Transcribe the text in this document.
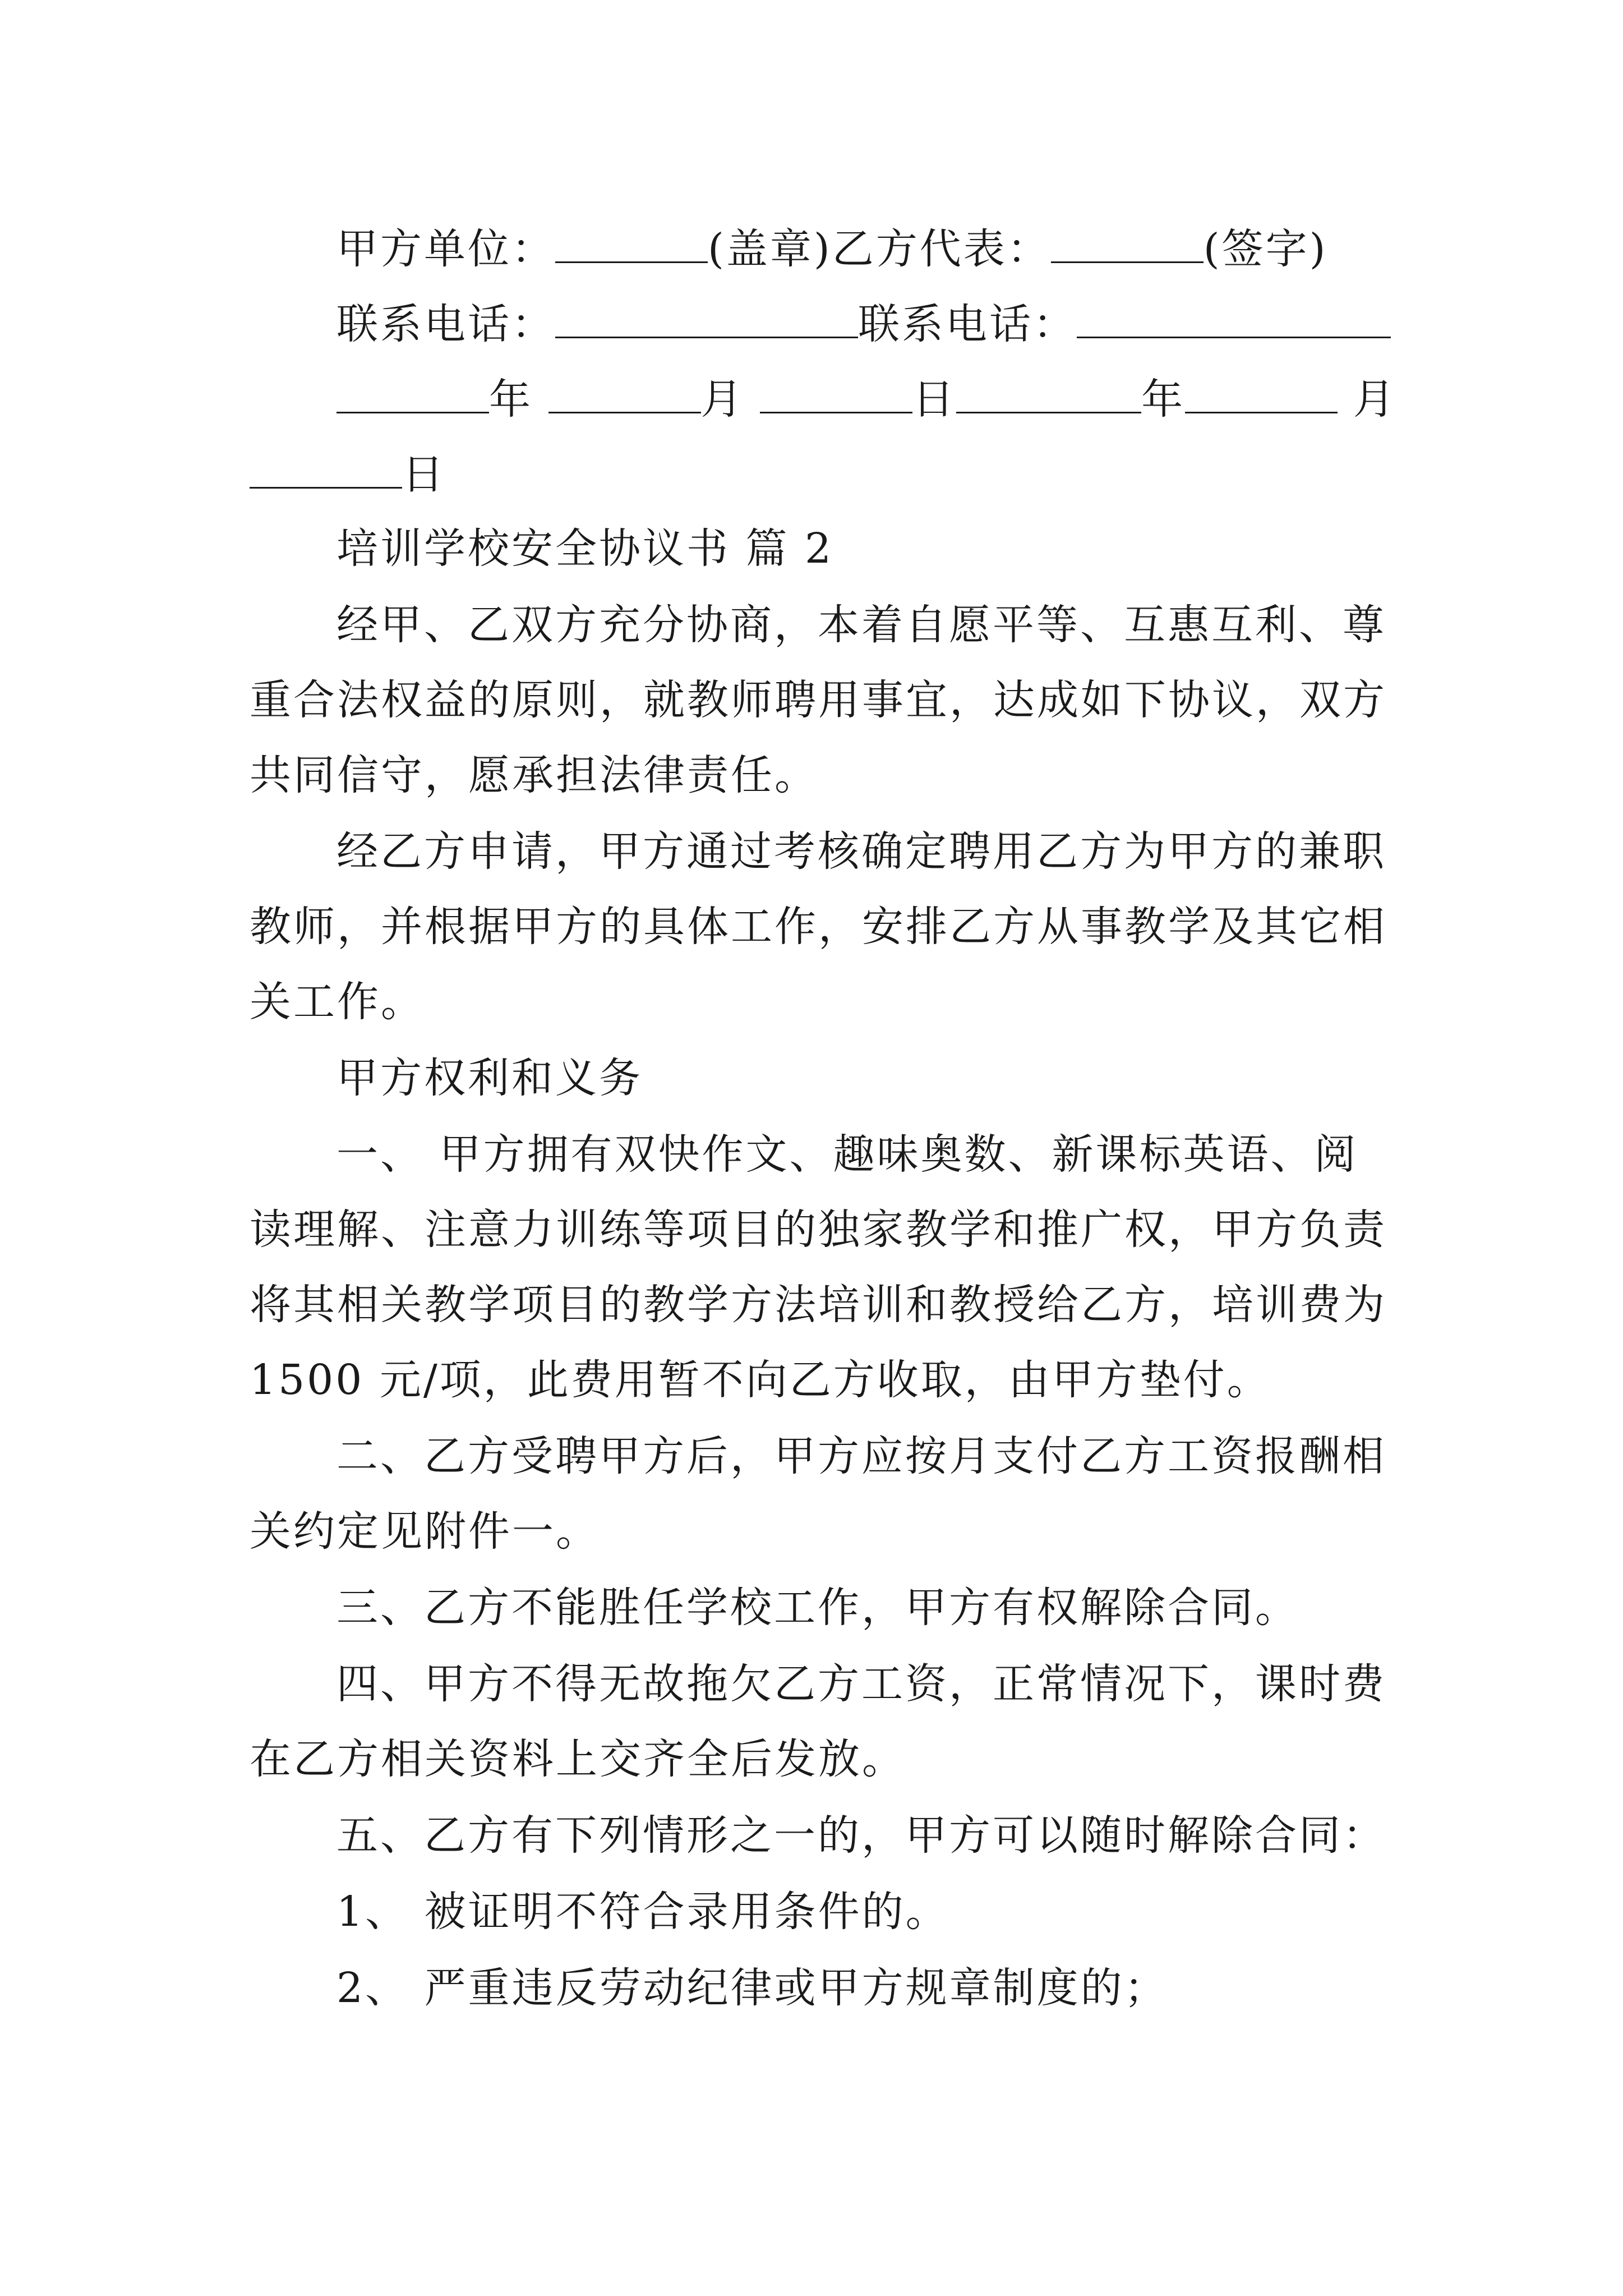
甲方单位：	(盖章)乙方代表：	(签字)
联系电话：	联系电话：
年	月	日	年	月
日
培训学校安全协议书 篇 2
经甲、乙双方充分协商，本着自愿平等、互惠互利、尊
重合法权益的原则，就教师聘用事宜，达成如下协议，双方
共同信守，愿承担法律责任。
经乙方申请，甲方通过考核确定聘用乙方为甲方的兼职
教师，并根据甲方的具体工作，安排乙方从事教学及其它相
关工作。
甲方权利和义务
一、 甲方拥有双快作文、趣味奥数、新课标英语、阅
读理解、注意力训练等项目的独家教学和推广权，甲方负责
将其相关教学项目的教学方法培训和教授给乙方，培训费为
1500 元/项，此费用暂不向乙方收取，由甲方垫付。
二、乙方受聘甲方后，甲方应按月支付乙方工资报酬相
关约定见附件一。
三、乙方不能胜任学校工作，甲方有权解除合同。
四、甲方不得无故拖欠乙方工资，正常情况下，课时费
在乙方相关资料上交齐全后发放。
五、乙方有下列情形之一的，甲方可以随时解除合同：
1、 被证明不符合录用条件的。
2、 严重违反劳动纪律或甲方规章制度的；
